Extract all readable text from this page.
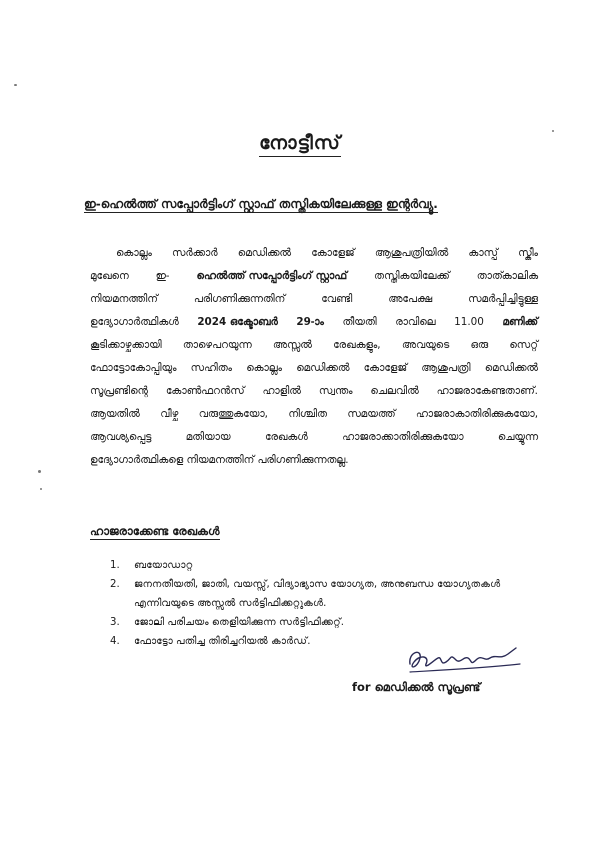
നോട്ടീസ്
ഇ-ഹെൽത്ത് സപ്പോർട്ടിംഗ് സ്റ്റാഫ് തസ്തികയിലേക്കുള്ള ഇന്റർവ്യൂ.
കൊല്ലം സർക്കാർ മെഡിക്കൽ കോളേജ് ആശുപത്രിയിൽ കാസ്പ് സ്കീം
മുഖേനെ	ഇ-	ഹെൽത്ത് സപ്പോർട്ടിംഗ് സ്റ്റാഫ്	തസ്തികയിലേക്ക്	താത്കാലിക
നിയമനത്തിന്	പരിഗണിക്കുന്നതിന്	വേണ്ടി	അപേക്ഷ	സമർപ്പിച്ചിട്ടുള്ള
ഉദ്യോഗാർത്ഥികൾ 2024 ഒക്ടോബർ 29-ാം തീയതി രാവിലെ 11.00 മണിക്ക്
കൂടിക്കാഴ്ചക്കായി താഴെപറയുന്ന അസ്സൽ രേഖകളും, അവയുടെ ഒരു സെറ്റ്
ഫോട്ടോകോപ്പിയും സഹിതം കൊല്ലം മെഡിക്കൽ കോളേജ് ആശുപത്രി മെഡിക്കൽ
സൂപ്രണ്ടിന്റെ കോൺഫറൻസ് ഹാളിൽ സ്വന്തം ചെലവിൽ ഹാജരാകേണ്ടതാണ്.
ആയതിൽ വീഴ്ച വരുത്തുകയോ, നിശ്ചിത സമയത്ത് ഹാജരാകാതിരിക്കുകയോ,
ആവശ്യപ്പെട്ട	മതിയായ	രേഖകൾ	ഹാജരാക്കാതിരിക്കുകയോ	ചെയ്യുന്ന
ഉദ്യോഗാർത്ഥികളെ നിയമനത്തിന് പരിഗണിക്കുന്നതല്ല.
ഹാജരാക്കേണ്ട രേഖകൾ
1.	ബയോഡാറ്റ
2.	ജനനതീയതി, ജാതി, വയസ്സ്, വിദ്യാഭ്യാസ യോഗ്യത, അനുബന്ധ യോഗ്യതകൾ എന്നിവയുടെ അസ്സൽ സർട്ടിഫിക്കറ്റുകൾ.
3.	ജോലി പരിചയം തെളിയിക്കുന്ന സർട്ടിഫിക്കറ്റ്.
4.	ഫോട്ടോ പതിച്ച തിരിച്ചറിയൽ കാർഡ്.
for മെഡിക്കൽ സൂപ്രണ്ട്
